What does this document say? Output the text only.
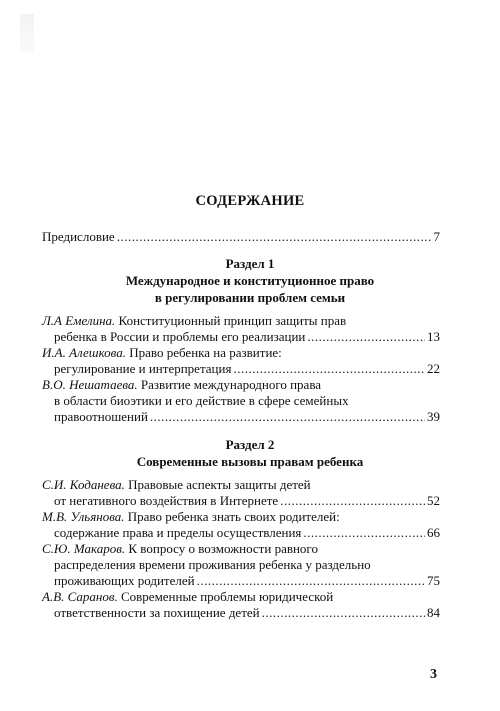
СОДЕРЖАНИЕ
Предисловие .....	7
Раздел 1
Международное и конституционное право
в регулировании проблем семьи
Л.А Емелина. Конституционный принцип защиты прав
ребенка в России и проблемы его реализации .....	13
И.А. Алешкова. Право ребенка на развитие:
регулирование и интерпретация .....	22
В.О. Нешатаева. Развитие международного права
в области биоэтики и его действие в сфере семейных
правоотношений .....	39
Раздел 2
Современные вызовы правам ребенка
С.И. Коданева. Правовые аспекты защиты детей
от негативного воздействия в Интернете .....	52
М.В. Ульянова. Право ребенка знать своих родителей:
содержание права и пределы осуществления .....	66
С.Ю. Макаров. К вопросу о возможности равного
распределения времени проживания ребенка у раздельно
проживающих родителей .....	75
А.В. Саранов. Современные проблемы юридической
ответственности за похищение детей .....	84
3
